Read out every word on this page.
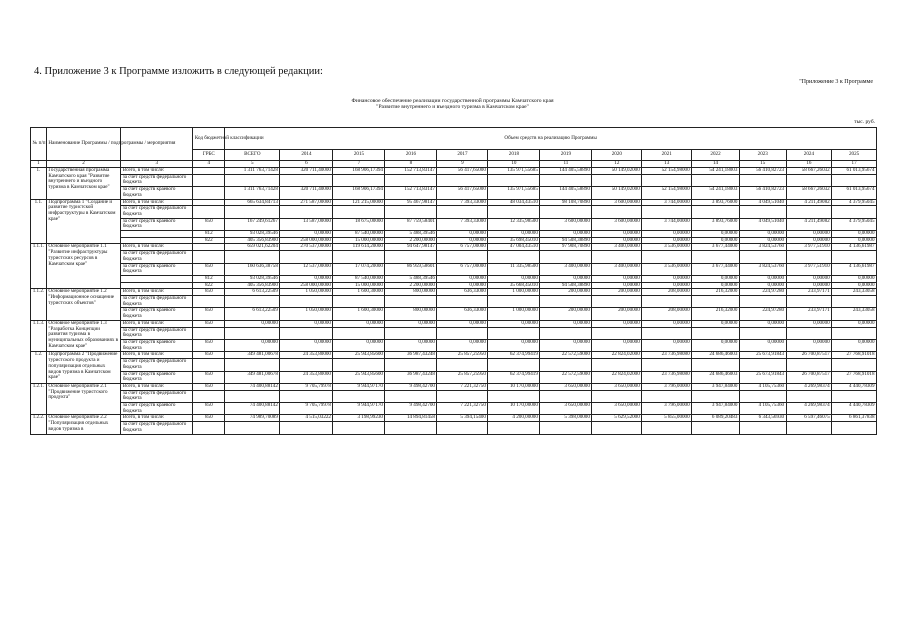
4. Приложение 3 к Программе изложить в следующей редакции:
"Приложение 3 к Программе
Финансовое обеспечение реализации государственной программы Камчатского края
"Развитие внутреннего и въездного туризма в Камчатском крае"
тыс. руб.
№ п/п	Наименование Программы / подпрограммы / мероприятия		Код бюджетной классификации	Объем средств на реализацию Программы												
			ГРБС	ВСЕГО	2014	2015	2016	2017	2018	2019	2020	2021	2022	2023	2024	2025
1	2	3	4	5	6	7	8	9	10	11	12	13	14	15	16	17
1.	Государственная программа Камчатского края "Развитие внутреннего и въездного туризма в Камчатском крае"	Всего, в том числе:		1 311 763,71428	320 711,40000	168 906,17394	152 713,83147	56 417,65000	135 971,55685	144 405,58890	50 149,02000	52 154,98000	54 241,18003	56 410,82723	58 667,26032	61 013,95674
		за счет средств федерального бюджета														
		за счет средств краевого бюджета		1 311 763,71428	320 711,40000	168 906,17394	152 713,83147	56 417,65000	135 971,55685	144 405,58890	50 149,02000	52 154,98000	54 241,18003	56 410,82723	58 667,26032	61 013,95674
1.1.	Подпрограмма 1 "Создание и развитие туристской инфраструктуры в Камчатском крае"	Всего, в том числе:		665 634,84713	271 587,00000	121 215,00000	95 467,98147	7 393,33000	48 034,43510	98 108,70890	3 600,00000	3 744,00000	3 893,76000	4 049,51040	4 211,49082	4 379,95045
		за счет средств федерального бюджета														
		за счет средств краевого бюджета	850	167 249,61267	13 587,00000	18 675,00000	87 759,58401	7 393,33000	12 335,98500	3 600,00000	3 600,00000	3 744,00000	3 893,76000	4 049,51040	4 211,49082	4 379,95045
			812	93 028,39546	0,00000	87 540,00000	5 488,39546	0,00000	0,00000	0,00000	0,00000	0,00000	0,00000	0,00000	0,00000	0,00000
			822	405 356,83900	258 000,00000	15 000,00000	2 200,00000	0,00000	35 698,45010	94 508,38890	0,00000	0,00000	0,00000	0,00000	0,00000	0,00000
1.1.1.	Основное мероприятие 1.1 "Развитие инфраструктуры туристских ресурсов в Камчатском крае"	Всего, в том числе:		659 021,62204	270 537,00000	119 614,20000	94 647,98147	6 757,00000	47 004,43510	97 908,70890	3 400,00000	3 536,00000	3 677,44000	3 824,53760	3 977,51910	4 136,61987
		за счет средств федерального бюджета														
		за счет средств краевого бюджета	850	160 636,38758	12 537,00000	17 074,20000	86 959,58601	6 757,00000	11 335,98500	3 400,00000	3 400,00000	3 536,00000	3 677,44000	3 824,53760	3 977,51910	4 136,61987
			812	93 028,39546	0,00000	87 540,00000	5 488,39546	0,00000	0,00000	0,00000	0,00000	0,00000	0,00000	0,00000	0,00000	0,00000
			822	405 356,83900	258 000,00000	15 000,00000	2 200,00000	0,00000	35 668,45010	94 508,38890	0,00000	0,00000	0,00000	0,00000	0,00000	0,00000
1.1.2.	Основное мероприятие 1.2 "Информационное оснащение туристских объектов"	Всего, в том числе:	850	6 613,22509	1 050,00000	1 600,30000	800,00000	636,33000	1 000,00000	200,00000	200,00000	208,00000	216,32000	224,97280	233,97171	243,33058
		за счет средств федерального бюджета														
		за счет средств краевого бюджета	850	6 613,22509	1 050,00000	1 600,30000	800,00000	636,33000	1 000,00000	200,00000	200,00000	208,00000	216,32000	224,97280	233,97171	243,33058
1.1.3.	Основное мероприятие 1.3 "Разработка Концепции развития туризма в муниципальных образованиях в Камчатском крае"	Всего, в том числе:	850	0,00000	0,00000	0,00000	0,00000	0,00000	0,00000	0,00000	0,00000	0,00000	0,00000	0,00000	0,00000	0,00000
		за счет средств федерального бюджета														
		за счет средств краевого бюджета	850	0,00000	0,00000	0,00000	0,00000	0,00000	0,00000	0,00000	0,00000	0,00000	0,00000	0,00000	0,00000	0,00000
1.2.	Подпрограмма 2 "Продвижение туристского продукта и популяризация отдельных видов туризма в Камчатском крае"	Всего, в том числе:	850	349 481,00678	24 353,80000	25 943,85600	36 987,43248	25 857,25950	62 374,99419	22 572,59000	22 824,02000	23 736,98080	24 686,46003	25 673,91843	26 700,87517	27 768,91018
		за счет средств федерального бюджета														
		за счет средств краевого бюджета	850	349 481,00678	24 353,80000	25 943,85600	36 987,43248	25 857,25950	62 374,99419	22 572,59000	22 824,02000	23 736,98080	24 686,46003	25 673,91843	26 700,87517	27 768,91018
1.2.1.	Основное мероприятие 2.1 "Продвижение туристского продукта"	Всего, в том числе:	850	74 400,88142	9 705,79978	9 944,97170	9 498,42700	7 221,32750	10 170,00000	3 650,00000	3 650,00000	3 796,00000	3 947,84000	4 105,75360	4 269,98374	4 440,78309
		за счет средств федерального бюджета														
		за счет средств краевого бюджета	850	74 400,88142	9 705,79978	9 944,97170	9 498,42700	7 221,32750	10 170,00000	3 650,00000	3 650,00000	3 796,00000	3 947,84000	4 105,75360	4 269,98374	4 440,78309
1.2.2.	Основное мероприятие 2.2 "Популяризация отдельных видов туризма в	Всего, в том числе:	850	74 989,70089	4 515,03222	3 198,99230	14 894,81458	5 394,15400	4 200,00000	5 398,00000	5 629,52000	5 855,00000	6 089,20483	6 343,56930	6 597,46075	6 861,37838
		за счет средств федерального бюджета														
